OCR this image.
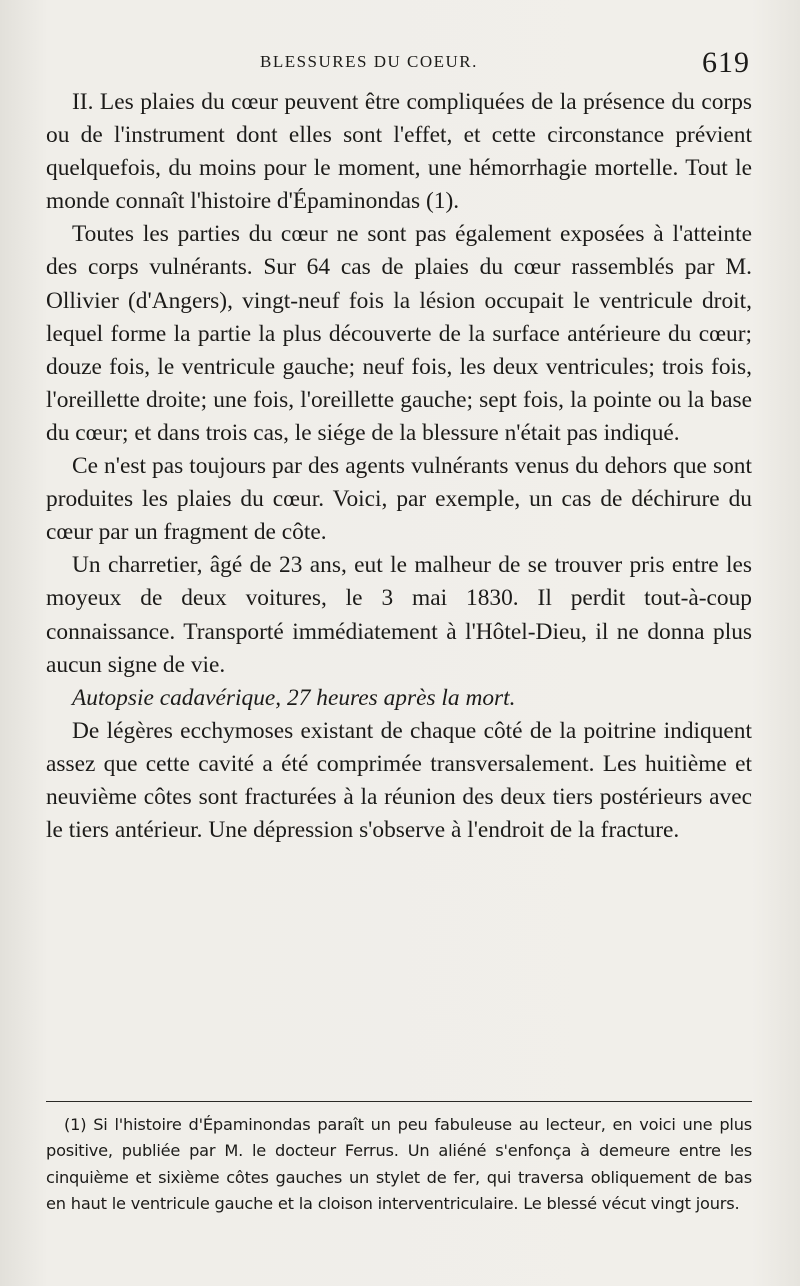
BLESSURES DU COEUR.	619

II. Les plaies du cœur peuvent être compliquées de la présence du corps ou de l'instrument dont elles sont l'effet, et cette circonstance prévient quelquefois, du moins pour le moment, une hémorrhagie mortelle. Tout le monde connaît l'histoire d'Épaminondas (1).

Toutes les parties du cœur ne sont pas également exposées à l'atteinte des corps vulnérants. Sur 64 cas de plaies du cœur rassemblés par M. Ollivier (d'Angers), vingt-neuf fois la lésion occupait le ventricule droit, lequel forme la partie la plus découverte de la surface antérieure du cœur; douze fois, le ventricule gauche; neuf fois, les deux ventricules; trois fois, l'oreillette droite; une fois, l'oreillette gauche; sept fois, la pointe ou la base du cœur; et dans trois cas, le siége de la blessure n'était pas indiqué.

Ce n'est pas toujours par des agents vulnérants venus du dehors que sont produites les plaies du cœur. Voici, par exemple, un cas de déchirure du cœur par un fragment de côte.

Un charretier, âgé de 23 ans, eut le malheur de se trouver pris entre les moyeux de deux voitures, le 3 mai 1830. Il perdit tout-à-coup connaissance. Transporté immédiatement à l'Hôtel-Dieu, il ne donna plus aucun signe de vie.

Autopsie cadavérique, 27 heures après la mort.

De légères ecchymoses existant de chaque côté de la poitrine indiquent assez que cette cavité a été comprimée transversalement. Les huitième et neuvième côtes sont fracturées à la réunion des deux tiers postérieurs avec le tiers antérieur. Une dépression s'observe à l'endroit de la fracture.

(1) Si l'histoire d'Épaminondas paraît un peu fabuleuse au lecteur, en voici une plus positive, publiée par M. le docteur Ferrus. Un aliéné s'enfonça à demeure entre les cinquième et sixième côtes gauches un stylet de fer, qui traversa obliquement de bas en haut le ventricule gauche et la cloison interventriculaire. Le blessé vécut vingt jours.
